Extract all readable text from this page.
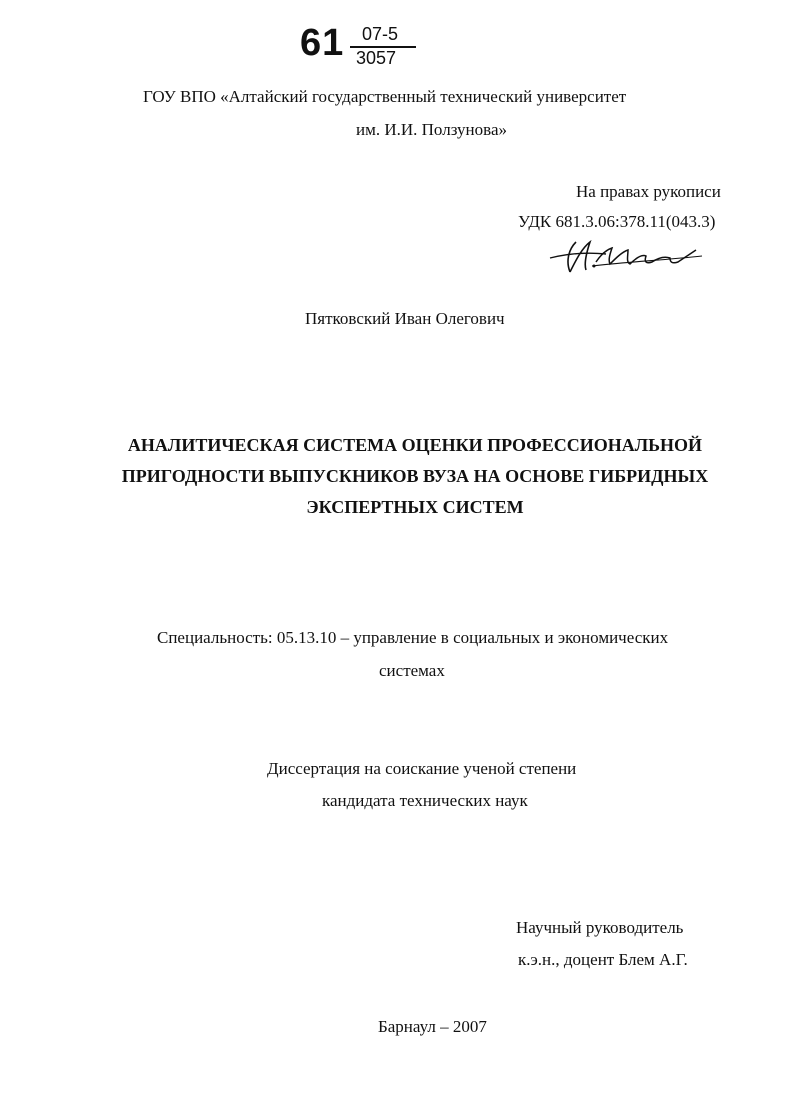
61 07-5
3057
ГОУ ВПО «Алтайский государственный технический университет
им. И.И. Ползунова»
На правах рукописи
УДК 681.3.06:378.11(043.3)
Пятковский Иван Олегович
АНАЛИТИЧЕСКАЯ СИСТЕМА ОЦЕНКИ ПРОФЕССИОНАЛЬНОЙ
ПРИГОДНОСТИ ВЫПУСКНИКОВ ВУЗА НА ОСНОВЕ ГИБРИДНЫХ
ЭКСПЕРТНЫХ СИСТЕМ
Специальность: 05.13.10 – управление в социальных и экономических
системах
Диссертация на соискание ученой степени
кандидата технических наук
Научный руководитель
к.э.н., доцент Блем А.Г.
Барнаул – 2007
